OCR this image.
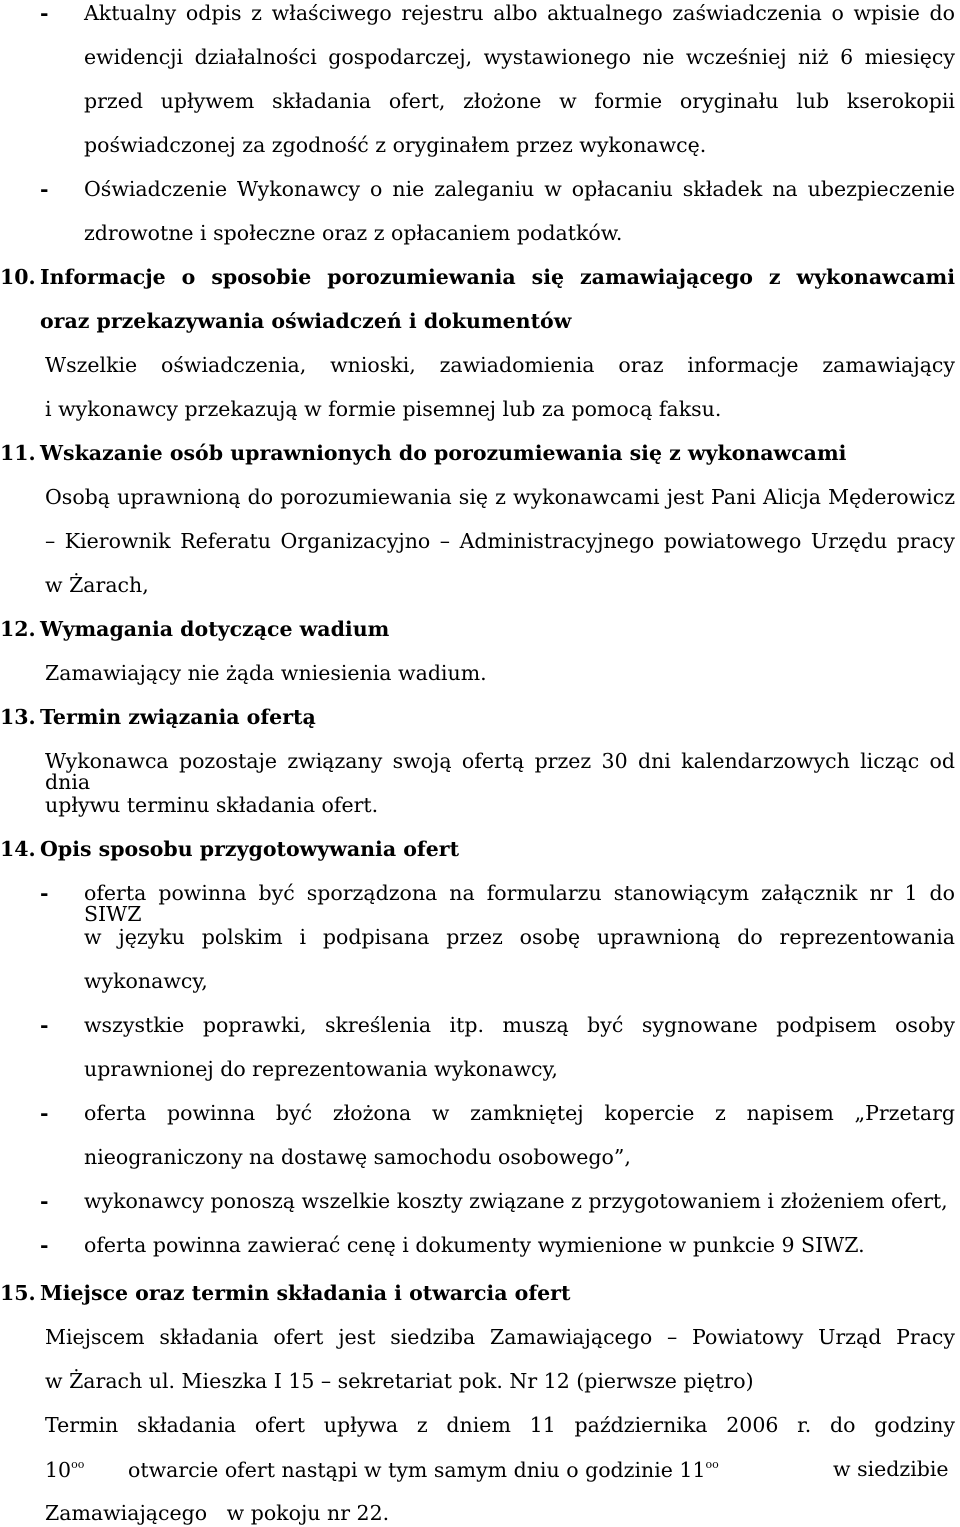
- Aktualny odpis z właściwego rejestru albo aktualnego zaświadczenia o wpisie do
ewidencji działalności gospodarczej, wystawionego nie wcześniej niż 6 miesięcy
przed upływem składania ofert, złożone w formie oryginału lub kserokopii
poświadczonej za zgodność z oryginałem przez wykonawcę.
- Oświadczenie Wykonawcy o nie zaleganiu w opłacaniu składek na ubezpieczenie
zdrowotne i społeczne oraz z opłacaniem podatków.
10. Informacje o sposobie porozumiewania się zamawiającego z wykonawcami
oraz przekazywania oświadczeń i dokumentów
Wszelkie oświadczenia, wnioski, zawiadomienia oraz informacje zamawiający
i wykonawcy przekazują w formie pisemnej lub za pomocą faksu.
11. Wskazanie osób uprawnionych do porozumiewania się z wykonawcami
Osobą uprawnioną do porozumiewania się z wykonawcami jest Pani Alicja Męderowicz
– Kierownik Referatu Organizacyjno – Administracyjnego powiatowego Urzędu pracy
w Żarach,
12. Wymagania dotyczące wadium
Zamawiający nie żąda wniesienia wadium.
13. Termin związania ofertą
Wykonawca pozostaje związany swoją ofertą przez 30 dni kalendarzowych licząc od dnia
upływu terminu składania ofert.
14. Opis sposobu przygotowywania ofert
- oferta powinna być sporządzona na formularzu stanowiącym załącznik nr 1 do SIWZ
w języku polskim i podpisana przez osobę uprawnioną do reprezentowania
wykonawcy,
- wszystkie poprawki, skreślenia itp. muszą być sygnowane podpisem osoby
uprawnionej do reprezentowania wykonawcy,
- oferta powinna być złożona w zamkniętej kopercie z napisem „Przetarg
nieograniczony na dostawę samochodu osobowego”,
- wykonawcy ponoszą wszelkie koszty związane z przygotowaniem i złożeniem ofert,
- oferta powinna zawierać cenę i dokumenty wymienione w punkcie 9 SIWZ.
15. Miejsce oraz termin składania i otwarcia ofert
Miejscem składania ofert jest siedziba Zamawiającego – Powiatowy Urząd Pracy
w Żarach ul. Mieszka I 15 – sekretariat pok. Nr 12 (pierwsze piętro)
Termin składania ofert upływa z dniem 11 października 2006 r. do godziny
$10^{oo}$ otwarcie ofert nastąpi w tym samym dniu o godzinie $11^{oo}$	w siedzibie
Zamawiającego   w pokoju nr 22.
